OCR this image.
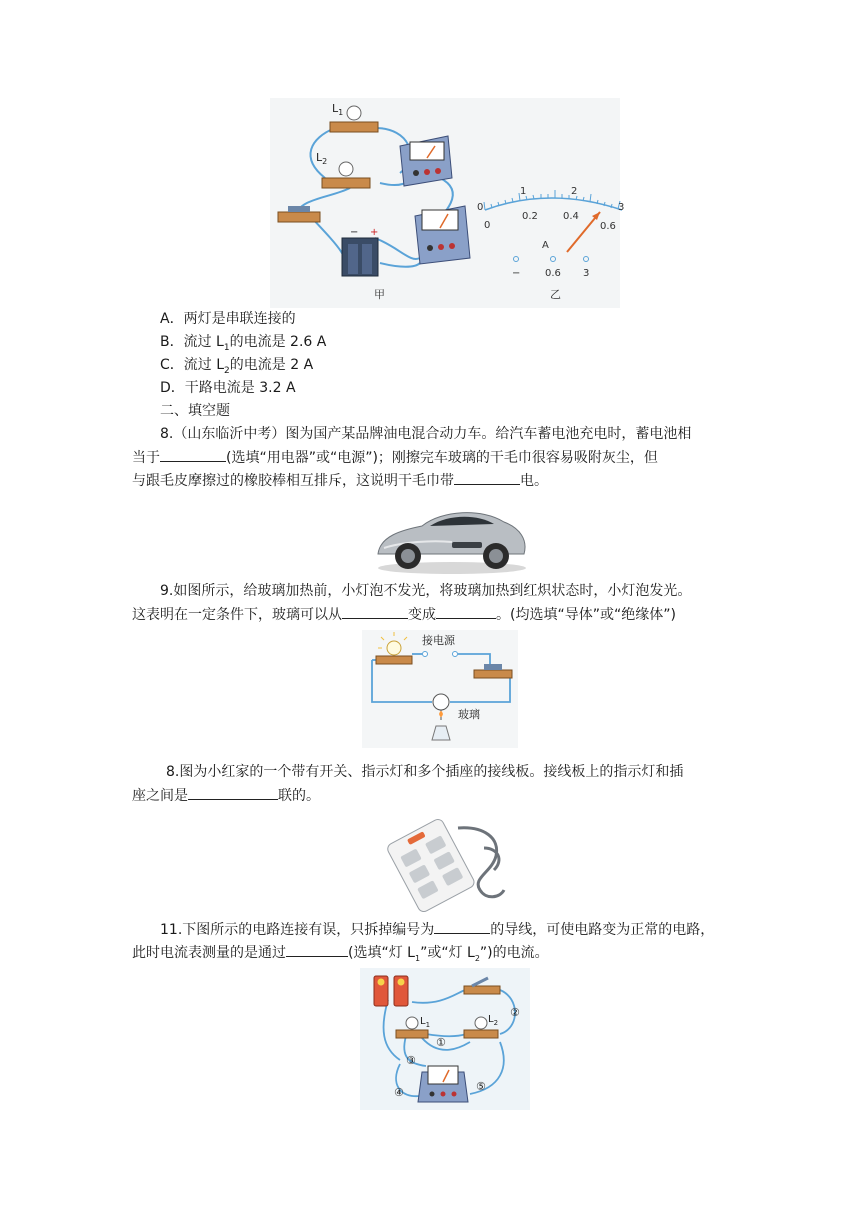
$L_1$
$L_2$
− +
甲
0
1	2
3
0
0.2	0.4
0.6
A
− 0.6 3
乙
A．两灯是串联连接的
B．流过 $L_1$的电流是 2.6 A
C．流过 $L_2$的电流是 2 A
D．干路电流是 3.2 A
二、填空题
8.（山东临沂中考）图为国产某品牌油电混合动力车。给汽车蓄电池充电时，蓄电池相
当于	(选填“用电器”或“电源”)；刚擦完车玻璃的干毛巾很容易吸附灰尘，但
与跟毛皮摩擦过的橡胶棒相互排斥，这说明干毛巾带	电。
9.如图所示，给玻璃加热前，小灯泡不发光，将玻璃加热到红炽状态时，小灯泡发光。
这表明在一定条件下，玻璃可以从	变成	。(均选填“导体”或“绝缘体”)
接电源
玻璃
8.图为小红家的一个带有开关、指示灯和多个插座的接线板。接线板上的指示灯和插
座之间是	联的。
11.下图所示的电路连接有误，只拆掉编号为	的导线，可使电路变为正常的电路，
此时电流表测量的是通过	(选填“灯 $L_1$”或“灯 $L_2$”)的电流。
$L_1$	$L_2$
①
②
③
④	⑤
